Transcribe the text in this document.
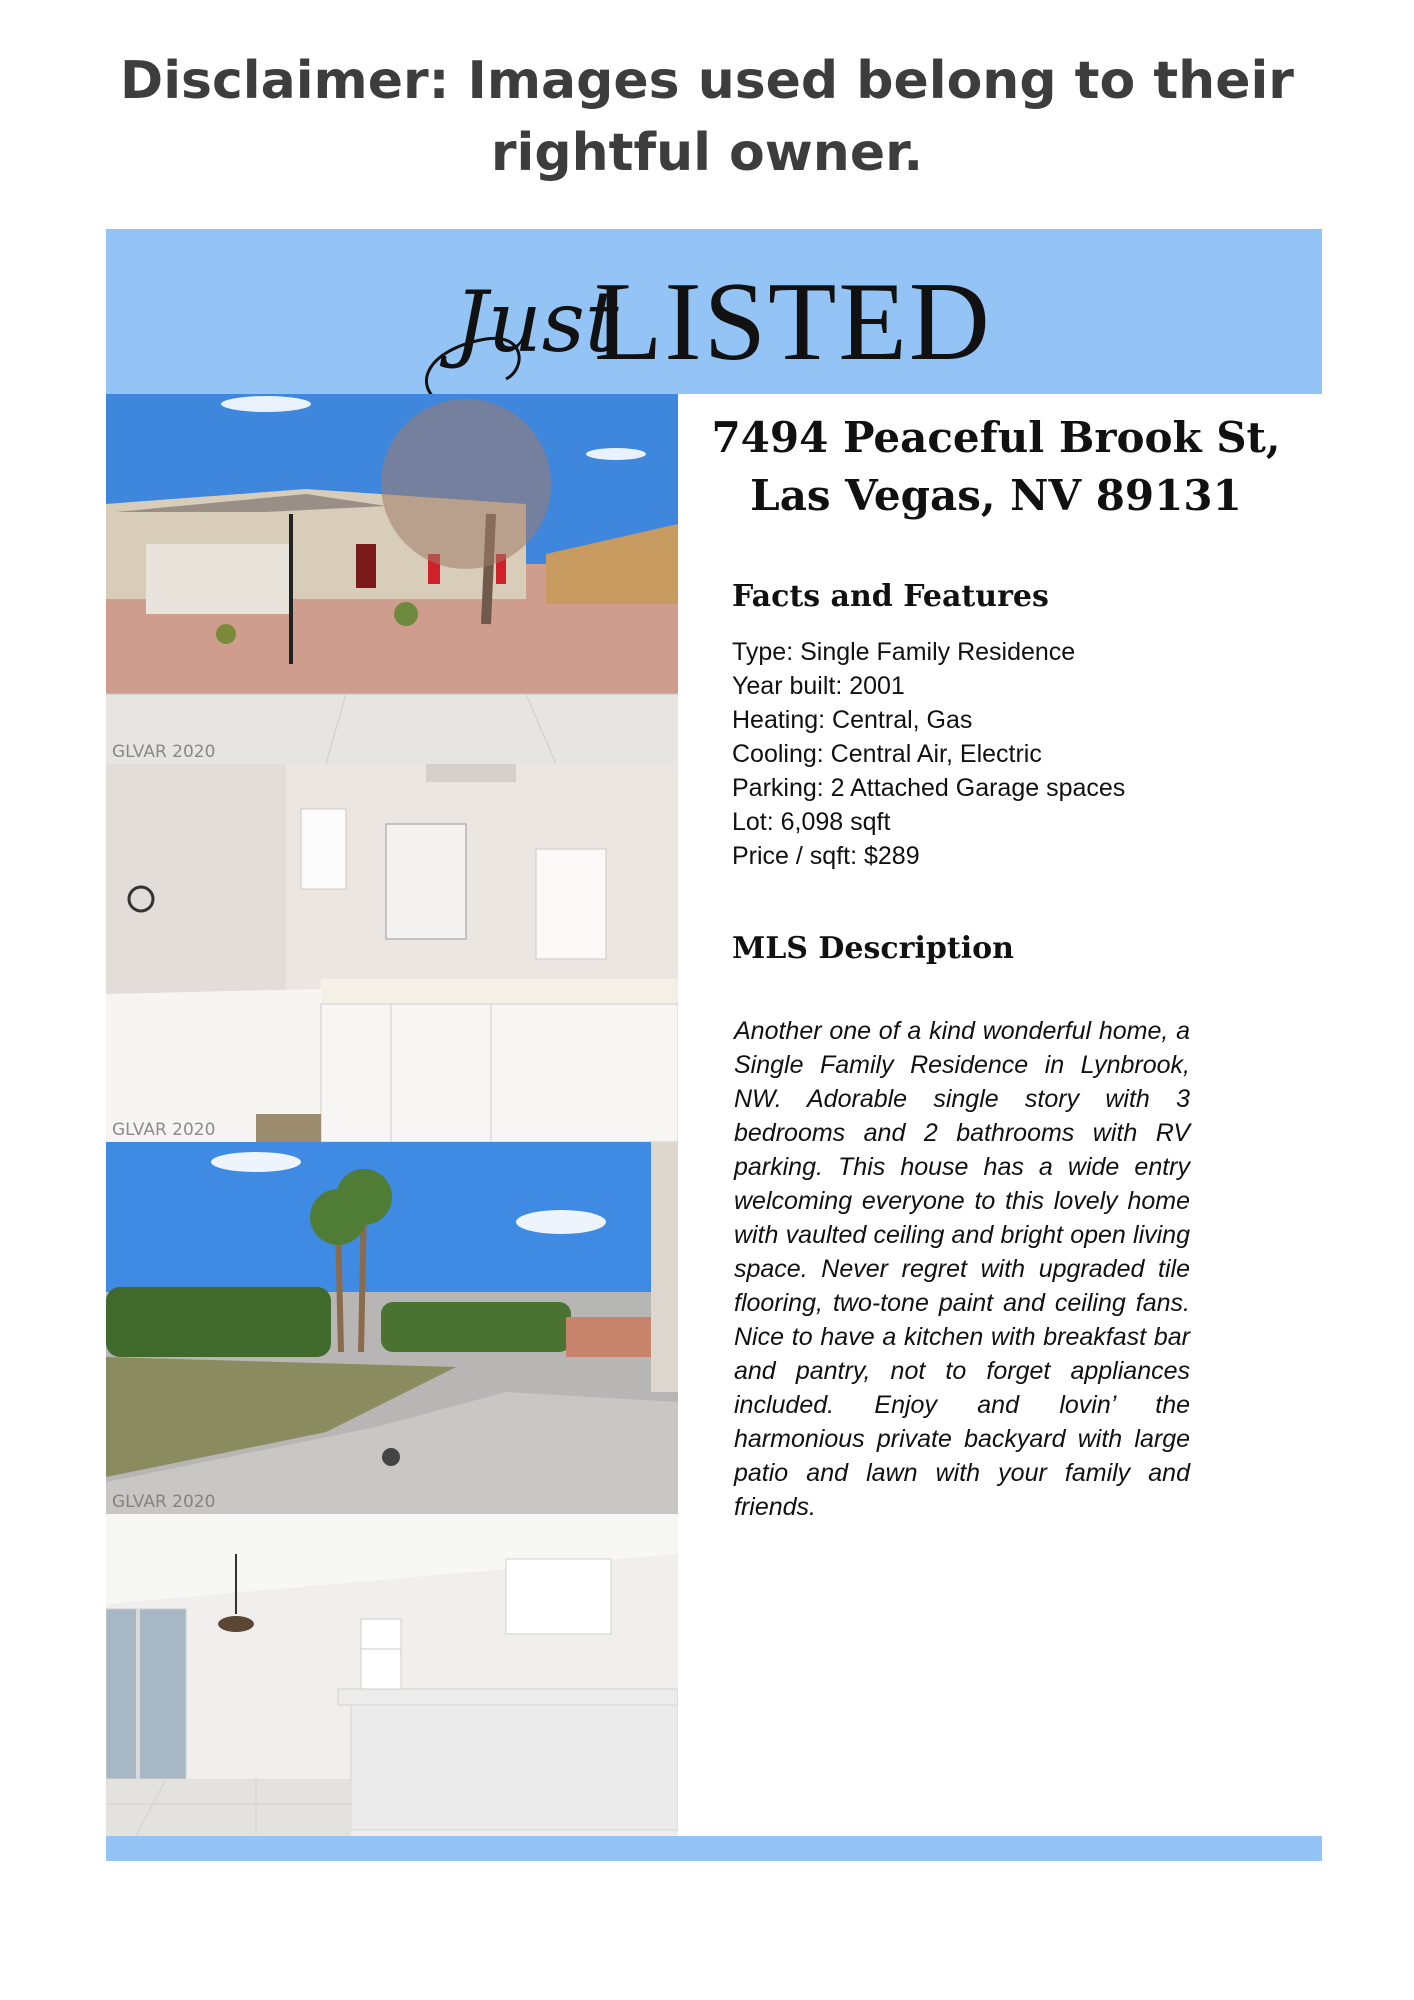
Disclaimer: Images used belong to their rightful owner.
Just
LISTED
GLVAR 2020
GLVAR 2020
GLVAR 2020

7494 Peaceful Brook St,
Las Vegas, NV 89131

Facts and Features
Type: Single Family Residence
Year built: 2001
Heating: Central, Gas
Cooling: Central Air, Electric
Parking: 2 Attached Garage spaces
Lot: 6,098 sqft
Price / sqft: $289
MLS Description

Another one of a kind wonderful home, a Single Family Residence in Lynbrook, NW. Adorable single story with 3 bedrooms and 2 bathrooms with RV parking. This house has a wide entry welcoming everyone to this lovely home with vaulted ceiling and bright open living space. Never regret with upgraded tile flooring, two-tone paint and ceiling fans. Nice to have a kitchen with breakfast bar and pantry, not to forget appliances included. Enjoy and lovin’ the harmonious private backyard with large patio and lawn with your family and friends.
